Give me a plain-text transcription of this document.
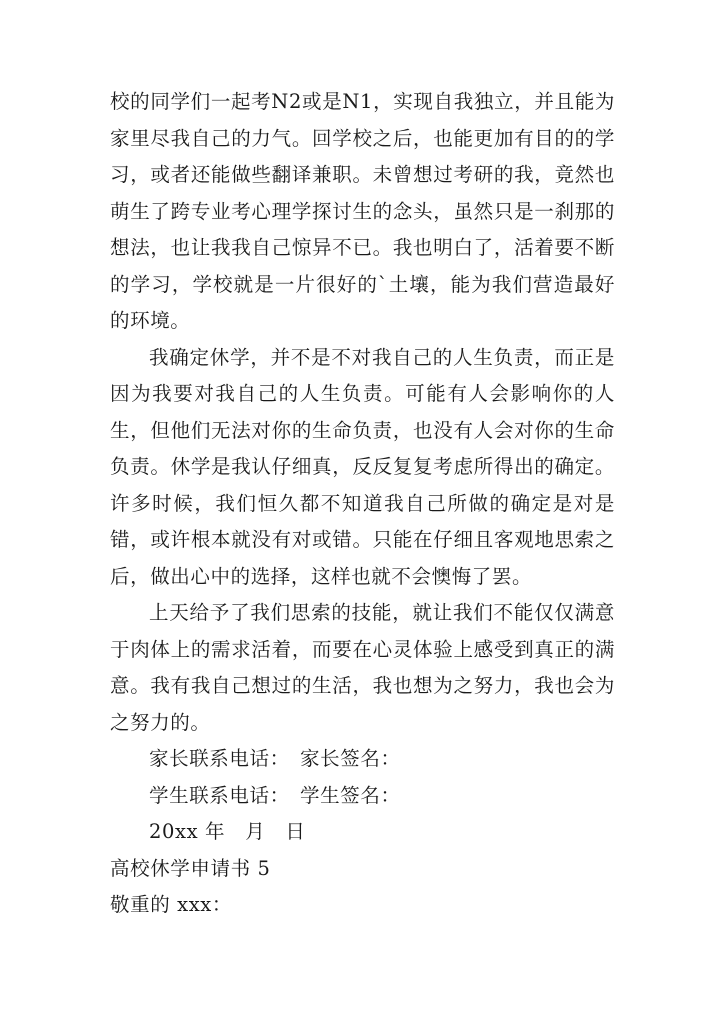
校的同学们一起考N2或是N1，实现自我独立，并且能为家里尽我自己的力气。回学校之后，也能更加有目的的学习，或者还能做些翻译兼职。未曾想过考研的我，竟然也萌生了跨专业考心理学探讨生的念头，虽然只是一刹那的想法，也让我我自己惊异不已。我也明白了，活着要不断的学习，学校就是一片很好的`土壤，能为我们营造最好的环境。

我确定休学，并不是不对我自己的人生负责，而正是因为我要对我自己的人生负责。可能有人会影响你的人生，但他们无法对你的生命负责，也没有人会对你的生命负责。休学是我认仔细真，反反复复考虑所得出的确定。许多时候，我们恒久都不知道我自己所做的确定是对是错，或许根本就没有对或错。只能在仔细且客观地思索之后，做出心中的选择，这样也就不会懊悔了罢。

上天给予了我们思索的技能，就让我们不能仅仅满意于肉体上的需求活着，而要在心灵体验上感受到真正的满意。我有我自己想过的生活，我也想为之努力，我也会为之努力的。

家长联系电话：　家长签名：

学生联系电话：　学生签名：

20xx 年　月　日

高校休学申请书 5

敬重的 xxx：
